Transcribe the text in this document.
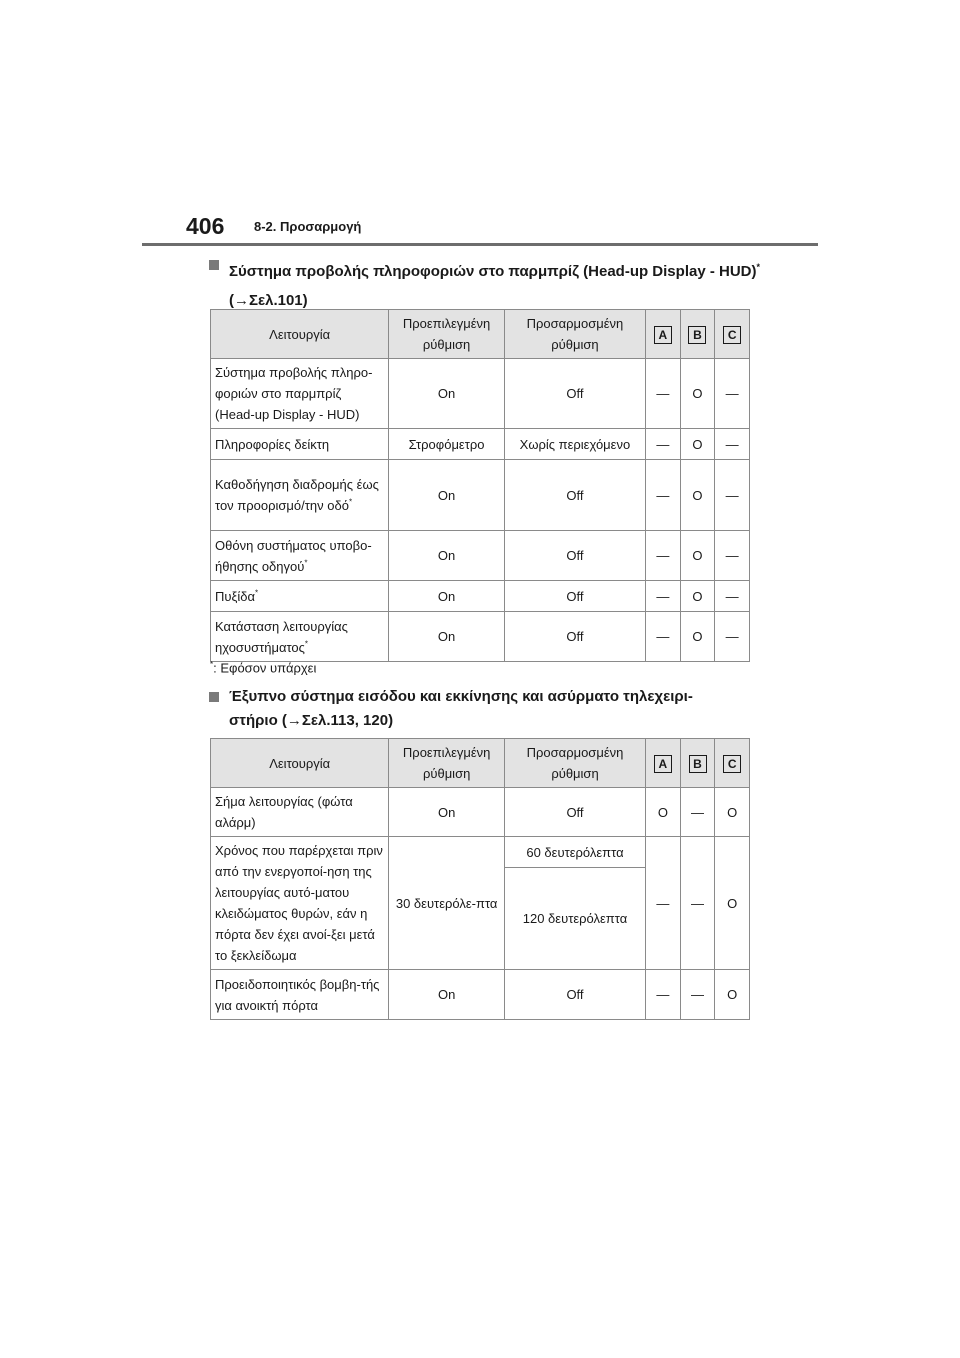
406 8-2. Προσαρμογή
Σύστημα προβολής πληροφοριών στο παρμπρίζ (Head-up Display - HUD)* (→Σελ.101)
Λειτουργία	Προεπιλεγμένη ρύθμιση	Προσαρμοσμένη ρύθμιση	A	B	C
Σύστημα προβολής πληρο-φοριών στο παρμπρίζ (Head-up Display - HUD)	On	Off	—	O	—
Πληροφορίες δείκτη	Στροφόμετρο	Χωρίς περιεχόμενο	—	O	—
Καθοδήγηση διαδρομής έως τον προορισμό/την οδό*	On	Off	—	O	—
Οθόνη συστήματος υποβο-ήθησης οδηγού*	On	Off	—	O	—
Πυξίδα*	On	Off	—	O	—
Κατάσταση λειτουργίας ηχοσυστήματος*	On	Off	—	O	—
*: Εφόσον υπάρχει
Έξυπνο σύστημα εισόδου και εκκίνησης και ασύρματο τηλεχειρι-
στήριο (→Σελ.113, 120)
Λειτουργία	Προεπιλεγμένη ρύθμιση	Προσαρμοσμένη ρύθμιση	A	B	C
Σήμα λειτουργίας (φώτα αλάρμ)	On	Off	O	—	O
Χρόνος που παρέρχεται πριν από την ενεργοποί-ηση της λειτουργίας αυτό-ματου κλειδώματος θυρών, εάν η πόρτα δεν έχει ανοί-ξει μετά το ξεκλείδωμα	30 δευτερόλε-πτα	60 δευτερόλεπτα	—	—	O
		120 δευτερόλεπτα			
Προειδοποιητικός βομβη-τής για ανοικτή πόρτα	On	Off	—	—	O
